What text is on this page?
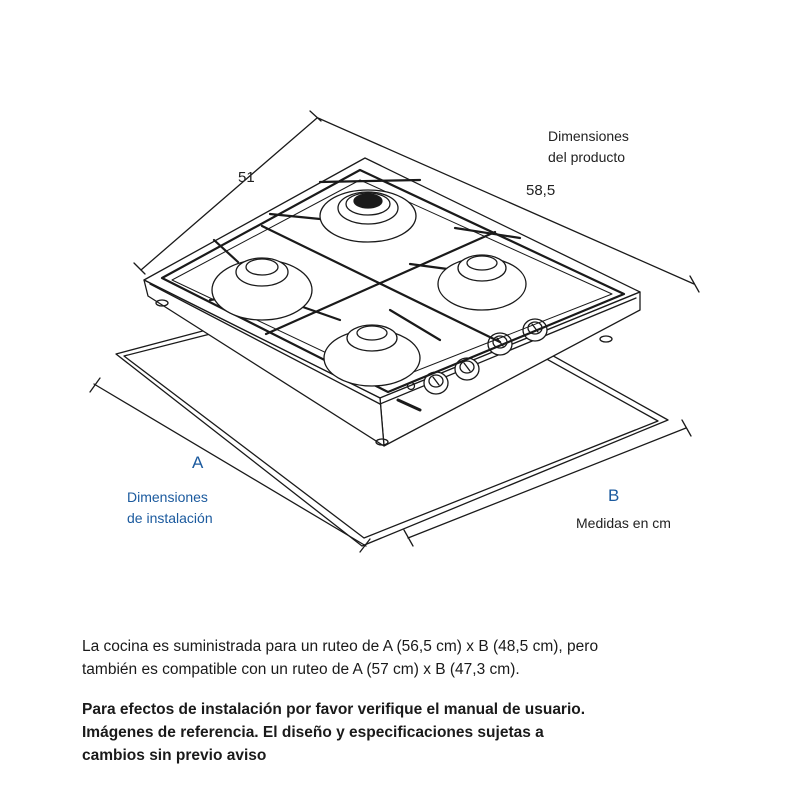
Dimensiones
del producto
51
58,5
A
B
Dimensiones
de instalación	Medidas en cm

La cocina es suministrada para un ruteo de A (56,5 cm) x B (48,5 cm), pero

también es compatible con un ruteo de A (57 cm) x B (47,3 cm).

Para efectos de instalación por favor verifique el manual de usuario.

Imágenes de referencia. El diseño y especificaciones sujetas a

cambios sin previo aviso
